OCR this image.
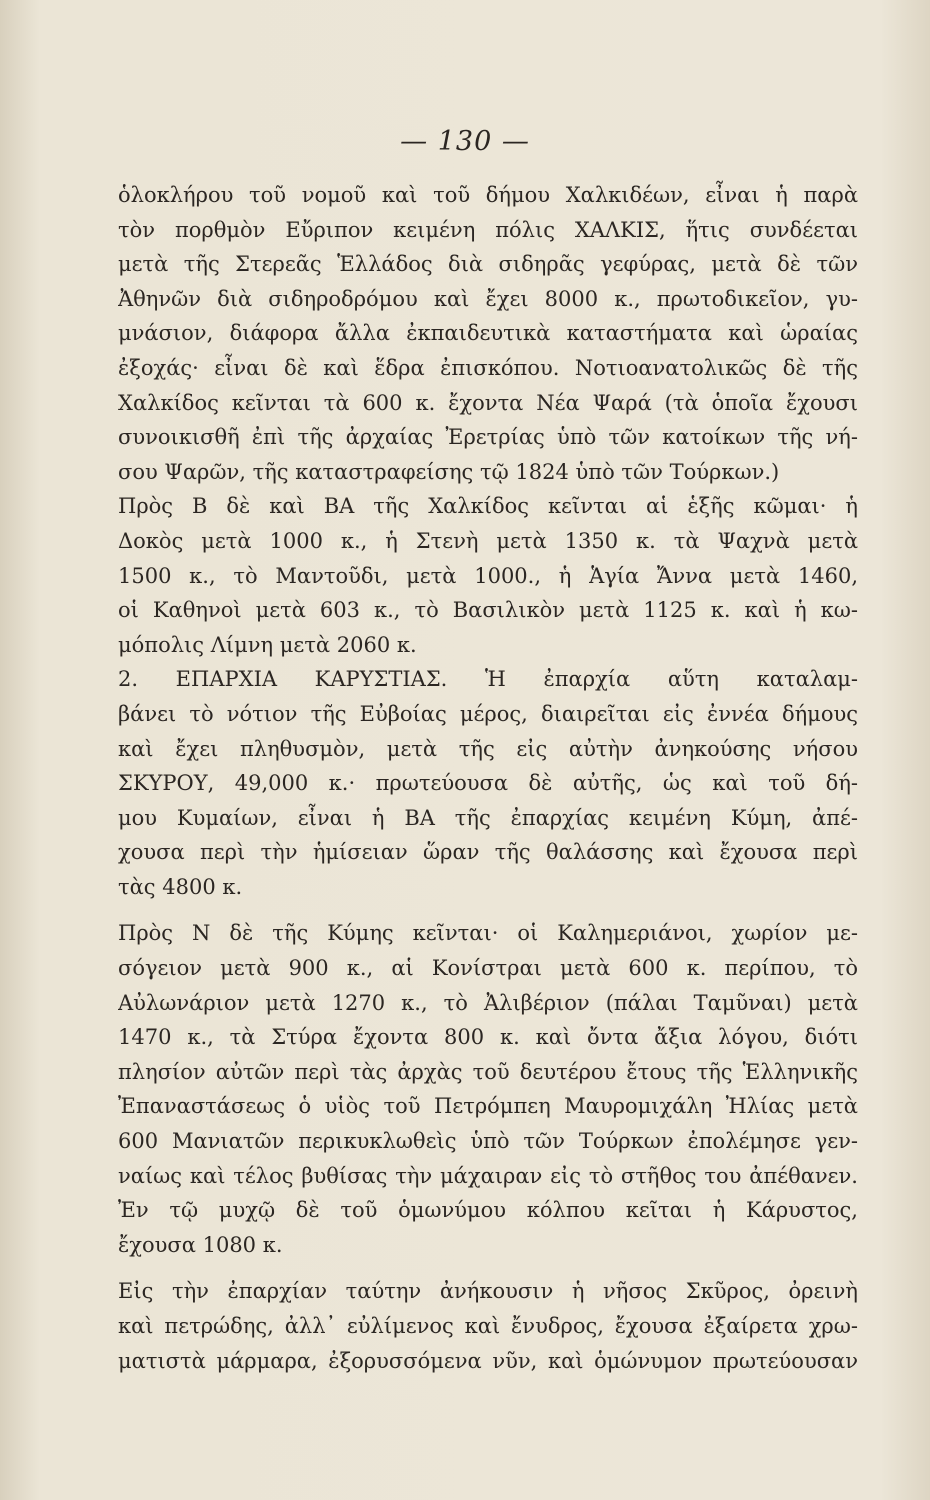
— 130 —
ὁλοκλήρου τοῦ νομοῦ καὶ τοῦ δήμου Χαλκιδέων, εἶναι ἡ παρὰ
τὸν πορθμὸν Εὔριπον κειμένη πόλις ΧΑΛΚΙΣ, ἥτις συνδέεται
μετὰ τῆς Στερεᾶς Ἑλλάδος διὰ σιδηρᾶς γεφύρας, μετὰ δὲ τῶν
Ἀθηνῶν διὰ σιδηροδρόμου καὶ ἔχει 8000 κ., πρωτοδικεῖον, γυ-
μνάσιον, διάφορα ἄλλα ἐκπαιδευτικὰ καταστήματα καὶ ὡραίας
ἐξοχάς· εἶναι δὲ καὶ ἕδρα ἐπισκόπου. Νοτιοανατολικῶς δὲ τῆς
Χαλκίδος κεῖνται τὰ 600 κ. ἔχοντα Νέα Ψαρά (τὰ ὁποῖα ἔχουσι
συνοικισθῆ ἐπὶ τῆς ἀρχαίας Ἐρετρίας ὑπὸ τῶν κατοίκων τῆς νή-
σου Ψαρῶν, τῆς καταστραφείσης τῷ 1824 ὑπὸ τῶν Τούρκων.)
Πρὸς Β δὲ καὶ ΒΑ τῆς Χαλκίδος κεῖνται αἱ ἑξῆς κῶμαι· ἡ
Δοκὸς μετὰ 1000 κ., ἡ Στενὴ μετὰ 1350 κ. τὰ Ψαχνὰ μετὰ
1500 κ., τὸ Μαντοῦδι, μετὰ 1000., ἡ Ἁγία Ἄννα μετὰ 1460,
οἱ Καθηνοὶ μετὰ 603 κ., τὸ Βασιλικὸν μετὰ 1125 κ. καὶ ἡ κω-
μόπολις Λίμνη μετὰ 2060 κ.
2. ΕΠΑΡΧΙΑ ΚΑΡΥΣΤΙΑΣ. Ἡ ἐπαρχία αὕτη καταλαμ-
βάνει τὸ νότιον τῆς Εὐβοίας μέρος, διαιρεῖται εἰς ἐννέα δήμους
καὶ ἔχει πληθυσμὸν, μετὰ τῆς εἰς αὐτὴν ἀνηκούσης νήσου
ΣΚΥΡΟΥ, 49,000 κ.· πρωτεύουσα δὲ αὐτῆς, ὡς καὶ τοῦ δή-
μου Κυμαίων, εἶναι ἡ ΒΑ τῆς ἐπαρχίας κειμένη Κύμη, ἀπέ-
χουσα περὶ τὴν ἡμίσειαν ὥραν τῆς θαλάσσης καὶ ἔχουσα περὶ
τὰς 4800 κ.
Πρὸς Ν δὲ τῆς Κύμης κεῖνται· οἱ Καλημεριάνοι, χωρίον με-
σόγειον μετὰ 900 κ., αἱ Κονίστραι μετὰ 600 κ. περίπου, τὸ
Αὐλωνάριον μετὰ 1270 κ., τὸ Ἀλιβέριον (πάλαι Ταμῦναι) μετὰ
1470 κ., τὰ Στύρα ἔχοντα 800 κ. καὶ ὄντα ἄξια λόγου, διότι
πλησίον αὐτῶν περὶ τὰς ἀρχὰς τοῦ δευτέρου ἔτους τῆς Ἑλληνικῆς
Ἐπαναστάσεως ὁ υἱὸς τοῦ Πετρόμπεη Μαυρομιχάλη Ἠλίας μετὰ
600 Μανιατῶν περικυκλωθεὶς ὑπὸ τῶν Τούρκων ἐπολέμησε γεν-
ναίως καὶ τέλος βυθίσας τὴν μάχαιραν εἰς τὸ στῆθος του ἀπέθανεν.
Ἐν τῷ μυχῷ δὲ τοῦ ὁμωνύμου κόλπου κεῖται ἡ Κάρυστος,
ἔχουσα 1080 κ.
Εἰς τὴν ἐπαρχίαν ταύτην ἀνήκουσιν ἡ νῆσος Σκῦρος, ὀρεινὴ
καὶ πετρώδης, ἀλλ᾽ εὐλίμενος καὶ ἔνυδρος, ἔχουσα ἐξαίρετα χρω-
ματιστὰ μάρμαρα, ἐξορυσσόμενα νῦν, καὶ ὁμώνυμον πρωτεύουσαν
